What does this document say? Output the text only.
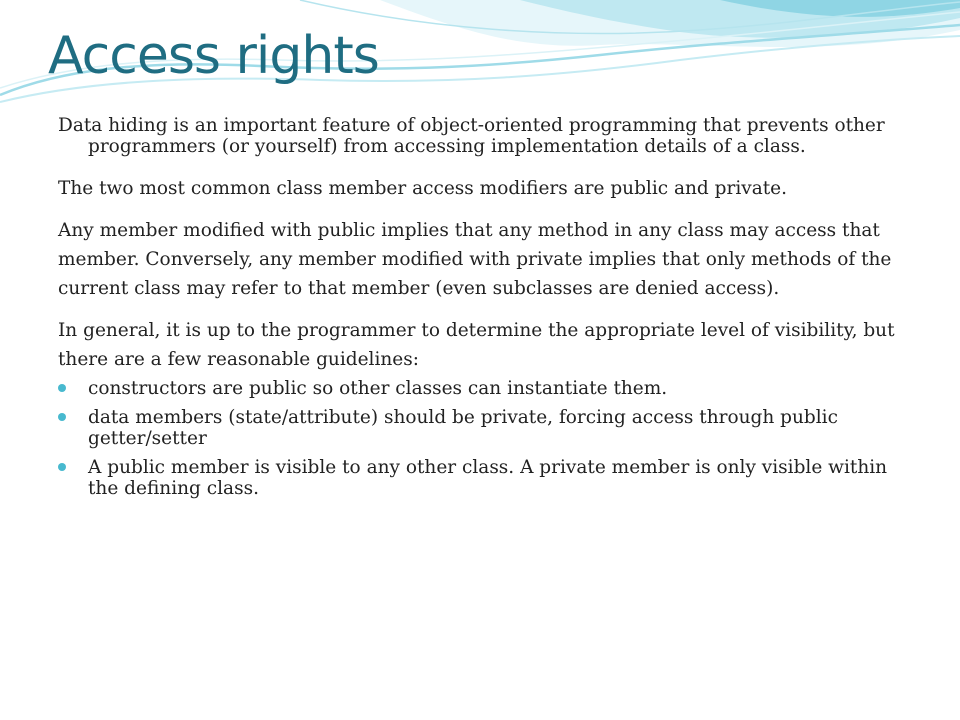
Access rights

Data hiding is an important feature of object-oriented programming that prevents other programmers (or yourself) from accessing implementation details of a class.

The two most common class member access modifiers are public and private.

Any member modified with public implies that any method in any class may access that member. Conversely, any member modified with private implies that only methods of the current class may refer to that member (even subclasses are denied access).

In general, it is up to the programmer to determine the appropriate level of visibility, but there are a few reasonable guidelines:

constructors are public so other classes can instantiate them.
data members (state/attribute) should be private, forcing access through public getter/setter
A public member is visible to any other class. A private member is only visible within the defining class.
